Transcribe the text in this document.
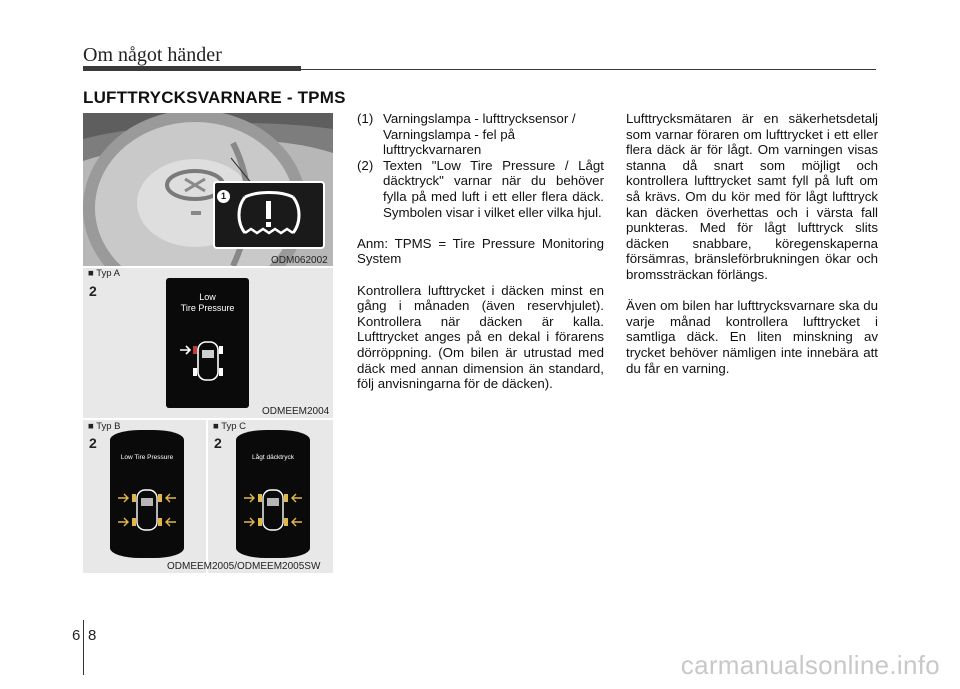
Om något händer
LUFTTRYCKSVARNARE - TPMS
1
ODM062002
Low
Tire Pressure
■ Typ A
2
ODMEEM2004
Low Tire Pressure
■ Typ B
2
Lågt däcktryck
■ Typ C
2
ODMEEM2005/ODMEEM2005SW
(1) Varningslampa - lufttrycksensor / Varningslampa - fel på lufttryckvarnaren
(2) Texten "Low Tire Pressure / Lågt däcktryck" varnar när du behöver fylla på med luft i ett eller flera däck. Symbolen visar i vilket eller vilka hjul.

Anm: TPMS = Tire Pressure Monitoring System

Kontrollera lufttrycket i däcken minst en gång i månaden (även reservhjulet). Kontrollera när däcken är kalla. Lufttrycket anges på en dekal i förarens dörröppning. (Om bilen är utrustad med däck med annan dimension än standard, följ anvisningarna för de däcken).

Lufttrycksmätaren är en säkerhetsdetalj som varnar föraren om lufttrycket i ett eller flera däck är för lågt. Om varningen visas stanna då snart som möjligt och kontrollera lufttrycket samt fyll på luft om så krävs. Om du kör med för lågt lufttryck kan däcken överhettas och i värsta fall punkteras. Med för lågt lufttryck slits däcken snabbare, köregenskaperna försämras, bränsleförbrukningen ökar och bromssträckan förlängs.

Även om bilen har lufttrycksvarnare ska du varje månad kontrollera lufttrycket i samtliga däck. En liten minskning av trycket behöver nämligen inte innebära att du får en varning.

6 8
carmanualsonline.info
